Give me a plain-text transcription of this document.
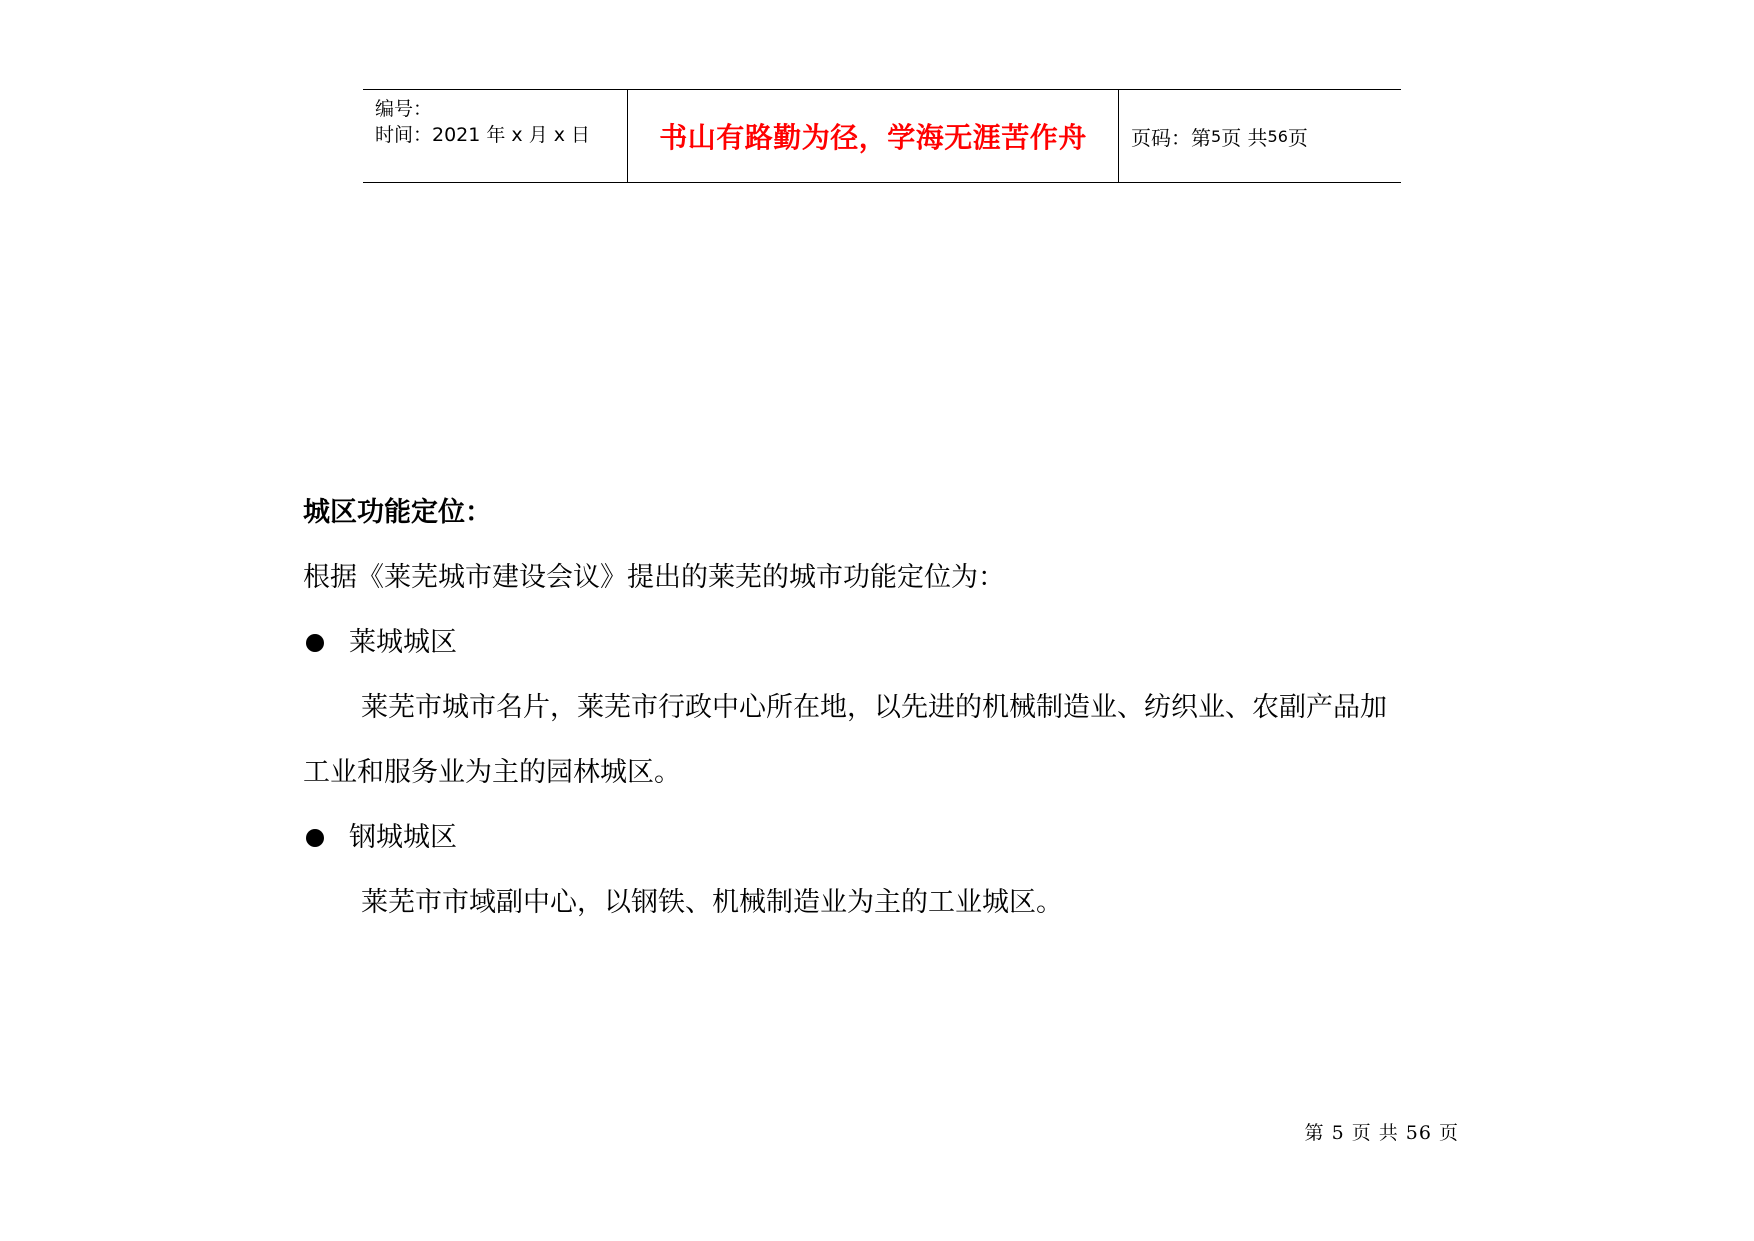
编号：
时间：2021 年 x 月 x 日 书山有路勤为径，学海无涯苦作舟 页码：第 5 页 共 56 页
城区功能定位：
根据《莱芜城市建设会议》提出的莱芜的城市功能定位为：
莱城城区
莱芜市城市名片，莱芜市行政中心所在地，以先进的机械制造业、纺织业、农副产品加
工业和服务业为主的园林城区。
钢城城区
莱芜市市域副中心，以钢铁、机械制造业为主的工业城区。
第 5 页 共 56 页
